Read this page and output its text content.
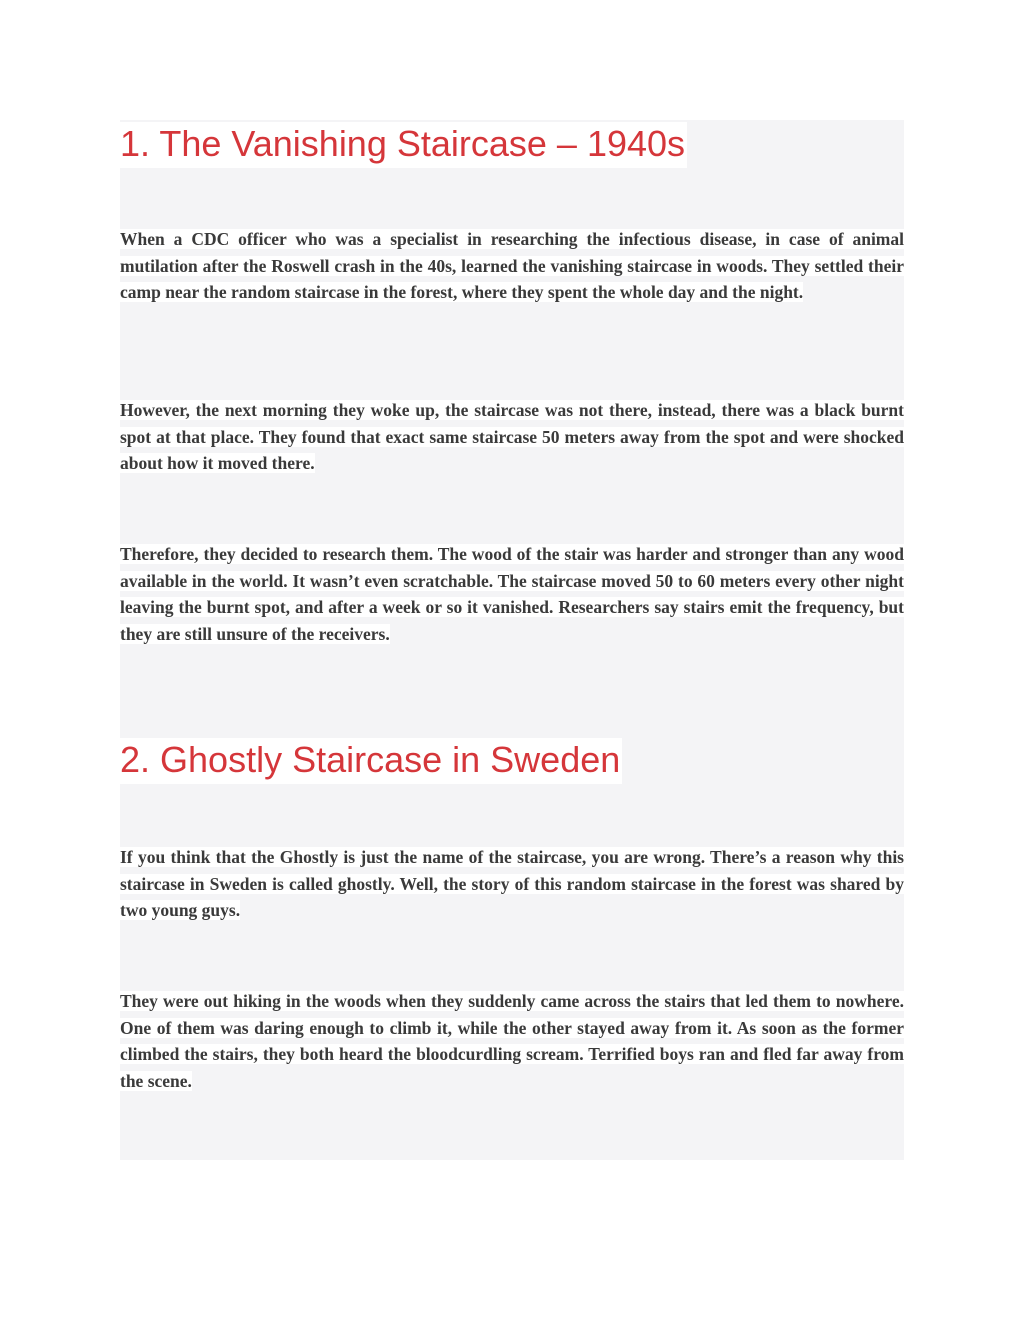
1. The Vanishing Staircase – 1940s

When a CDC officer who was a specialist in researching the infectious disease, in case of animal mutilation after the Roswell crash in the 40s, learned the vanishing staircase in woods. They settled their camp near the random staircase in the forest, where they spent the whole day and the night.

However, the next morning they woke up, the staircase was not there, instead, there was a black burnt spot at that place. They found that exact same staircase 50 meters away from the spot and were shocked about how it moved there.

Therefore, they decided to research them. The wood of the stair was harder and stronger than any wood available in the world. It wasn’t even scratchable. The staircase moved 50 to 60 meters every other night leaving the burnt spot, and after a week or so it vanished. Researchers say stairs emit the frequency, but they are still unsure of the receivers.

2. Ghostly Staircase in Sweden

If you think that the Ghostly is just the name of the staircase, you are wrong. There’s a reason why this staircase in Sweden is called ghostly. Well, the story of this random staircase in the forest was shared by two young guys.

They were out hiking in the woods when they suddenly came across the stairs that led them to nowhere. One of them was daring enough to climb it, while the other stayed away from it. As soon as the former climbed the stairs, they both heard the bloodcurdling scream. Terrified boys ran and fled far away from the scene.
